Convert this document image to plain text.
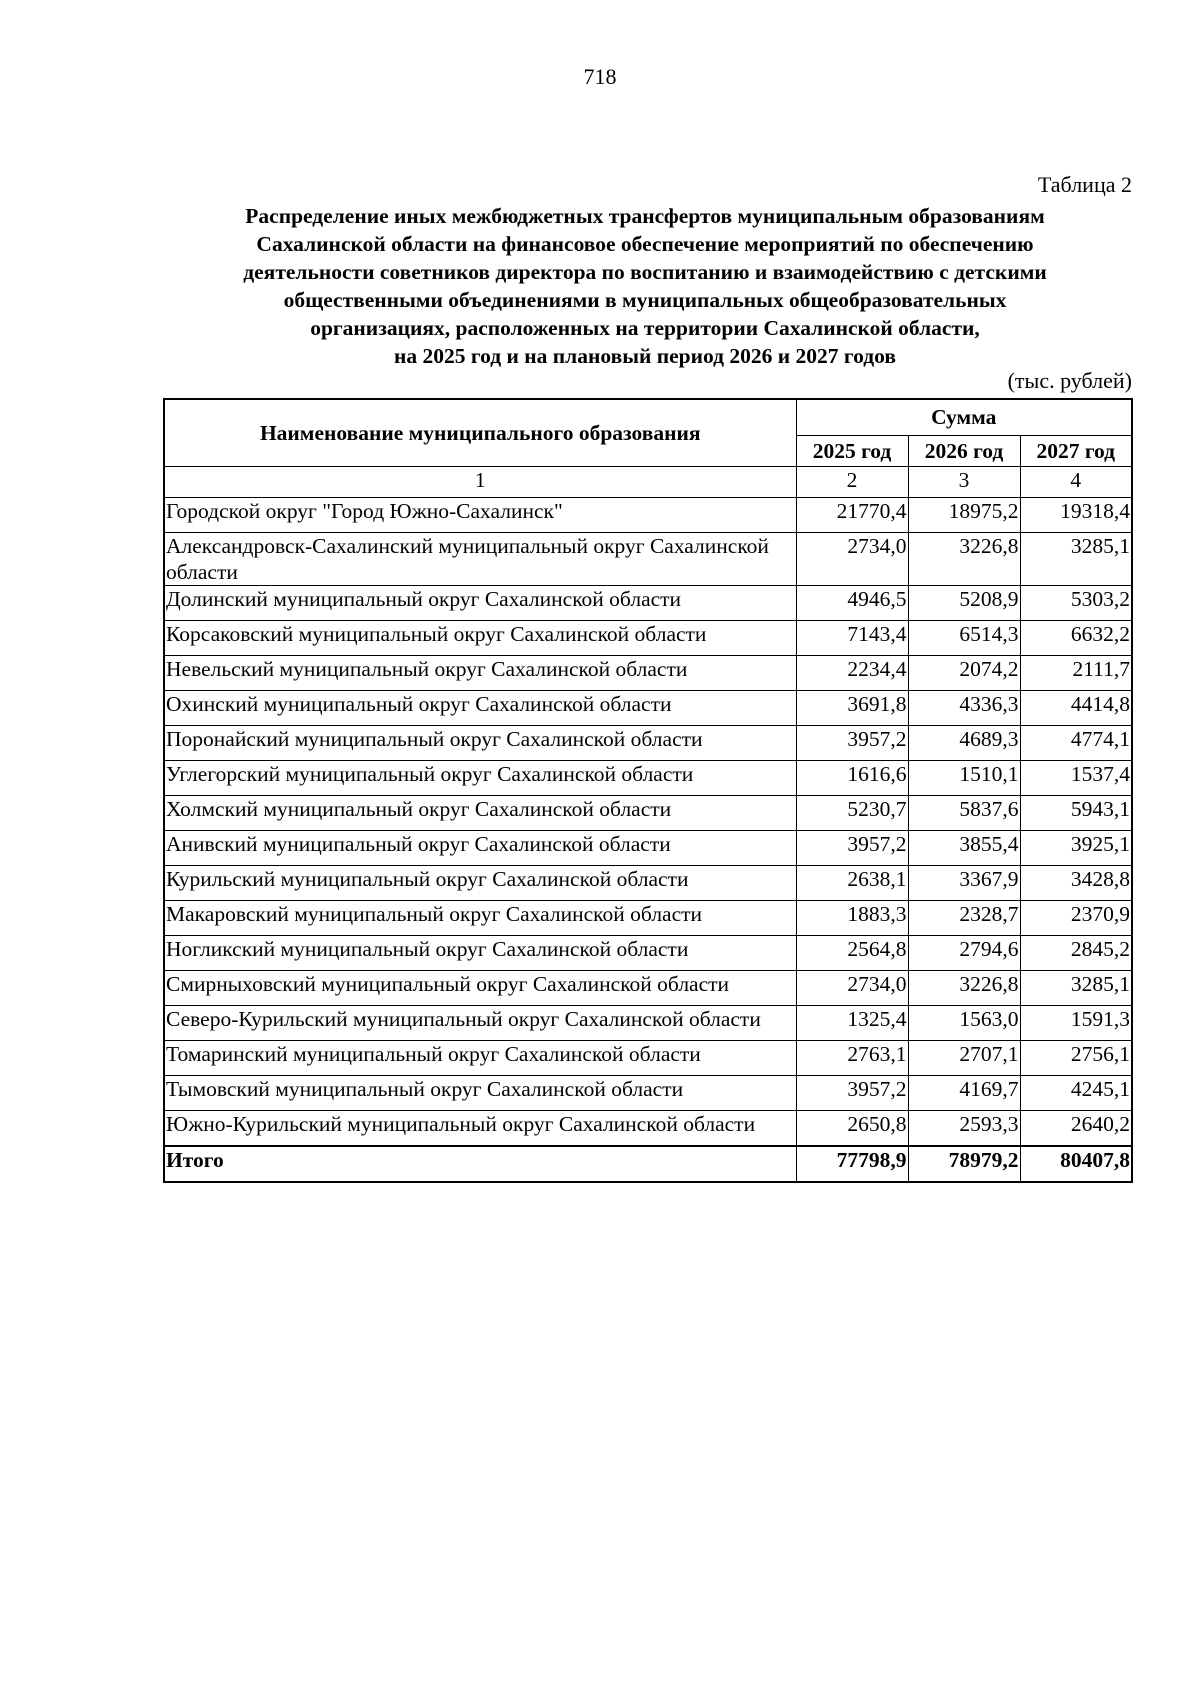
718
Таблица 2
Распределение иных межбюджетных трансфертов муниципальным образованиям
Сахалинской области на финансовое обеспечение мероприятий по обеспечению
деятельности советников директора по воспитанию и взаимодействию с детскими
общественными объединениями в муниципальных общеобразовательных
организациях, расположенных на территории Сахалинской области,
на 2025 год и на плановый период 2026 и 2027 годов
(тыс. рублей)
Наименование муниципального образования	Сумма		
	2025 год	2026 год	2027 год
1	2	3	4
Городской округ "Город Южно-Сахалинск"	21770,4	18975,2	19318,4
Александровск-Сахалинский муниципальный округ Сахалинской области	2734,0	3226,8	3285,1
Долинский муниципальный округ Сахалинской области	4946,5	5208,9	5303,2
Корсаковский муниципальный округ Сахалинской области	7143,4	6514,3	6632,2
Невельский муниципальный округ Сахалинской области	2234,4	2074,2	2111,7
Охинский муниципальный округ Сахалинской области	3691,8	4336,3	4414,8
Поронайский муниципальный округ Сахалинской области	3957,2	4689,3	4774,1
Углегорский муниципальный округ Сахалинской области	1616,6	1510,1	1537,4
Холмский муниципальный округ Сахалинской области	5230,7	5837,6	5943,1
Анивский муниципальный округ Сахалинской области	3957,2	3855,4	3925,1
Курильский муниципальный округ Сахалинской области	2638,1	3367,9	3428,8
Макаровский муниципальный округ Сахалинской области	1883,3	2328,7	2370,9
Ногликский муниципальный округ Сахалинской области	2564,8	2794,6	2845,2
Смирныховский муниципальный округ Сахалинской области	2734,0	3226,8	3285,1
Северо-Курильский муниципальный округ Сахалинской области	1325,4	1563,0	1591,3
Томаринский муниципальный округ Сахалинской области	2763,1	2707,1	2756,1
Тымовский муниципальный округ Сахалинской области	3957,2	4169,7	4245,1
Южно-Курильский муниципальный округ Сахалинской области	2650,8	2593,3	2640,2
Итого	77798,9	78979,2	80407,8
